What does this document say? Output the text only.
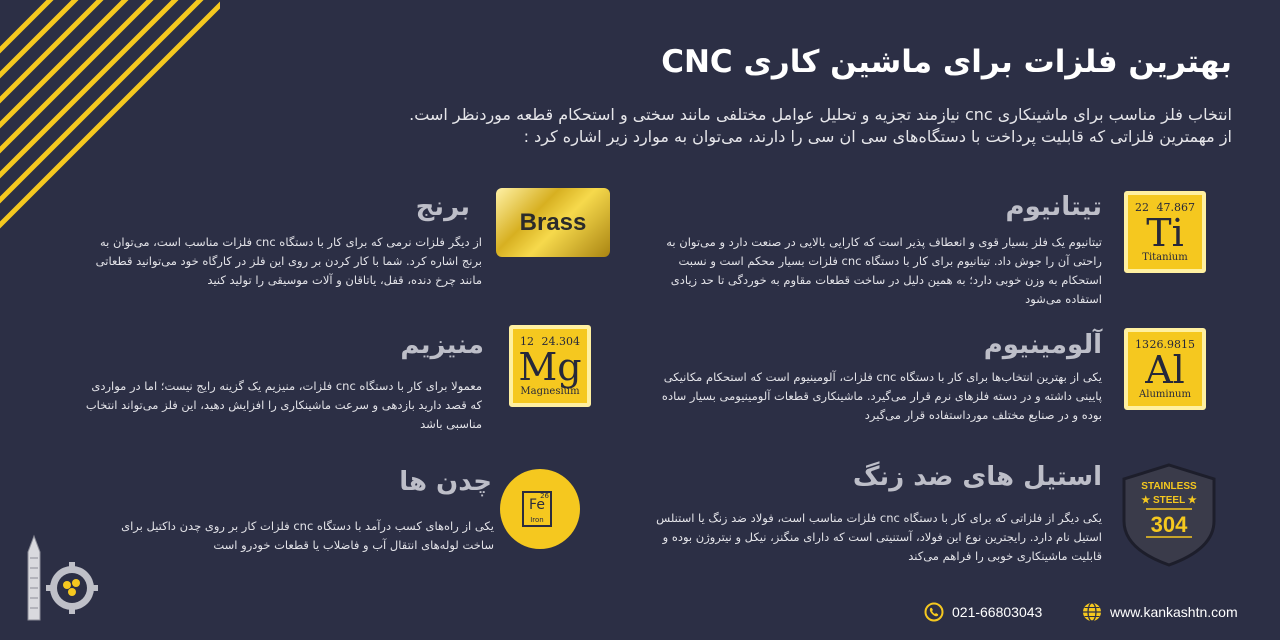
بهترین فلزات برای ماشین کاری CNC

انتخاب فلز مناسب برای ماشینکاری cnc نیازمند تجزیه و تحلیل عوامل مختلفی مانند سختی و استحکام قطعه موردنظر است.

از مهمترین فلزاتی که قابلیت پرداخت با دستگاه‌های سی ان سی را دارند، می‌توان به موارد زیر اشاره کرد :

تیتانیوم
تیتانیوم یک فلز بسیار قوی و انعطاف پذیر است که کارایی بالایی در صنعت دارد و می‌توان به راحتی آن را جوش داد. تیتانیوم برای کار با دستگاه cnc فلزات بسیار محکم است و نسبت استحکام به وزن خوبی دارد؛ به همین دلیل در ساخت قطعات مقاوم به خوردگی تا حد زیادی استفاده می‌شود
22 47.867
Ti
Titanium
آلومینیوم
یکی از بهترین انتخاب‌ها برای کار با دستگاه cnc فلزات، آلومینیوم است که استحکام مکانیکی پایینی داشته و در دسته فلزهای نرم قرار می‌گیرد. ماشینکاری قطعات آلومینیومی بسیار ساده بوده و در صنایع مختلف مورداستفاده قرار می‌گیرد
13 26.9815
Al
Aluminum
استیل های ضد زنگ
یکی دیگر از فلزاتی که برای کار با دستگاه cnc فلزات مناسب است، فولاد ضد زنگ یا استنلس استیل نام دارد. رایجترین نوع این فولاد، آستنیتی است که دارای منگنز، نیکل و نیتروژن بوده و قابلیت ماشینکاری خوبی را فراهم می‌کند
STAINLESS
★ STEEL ★
304
برنج
از دیگر فلزات نرمی که برای کار با دستگاه cnc فلزات مناسب است، می‌توان به برنج اشاره کرد. شما با کار کردن بر روی این فلز در کارگاه خود می‌توانید قطعاتی مانند چرخ دنده، قفل، یاتاقان و آلات موسیقی را تولید کنید
Brass
منیزیم
معمولا برای کار با دستگاه cnc فلزات، منیزیم یک گزینه رایج نیست؛ اما در مواردی که قصد دارید بازدهی و سرعت ماشینکاری را افزایش دهید، این فلز می‌تواند انتخاب مناسبی باشد
12 24.304
Mg
Magnesium
چدن ها
یکی از راه‌های کسب درآمد با دستگاه cnc فلزات کار بر روی چدن داکتیل برای ساخت لوله‌های انتقال آب و فاضلاب یا قطعات خودرو است
26
Fe
Iron
021-66803043	www.kankashtn.com
